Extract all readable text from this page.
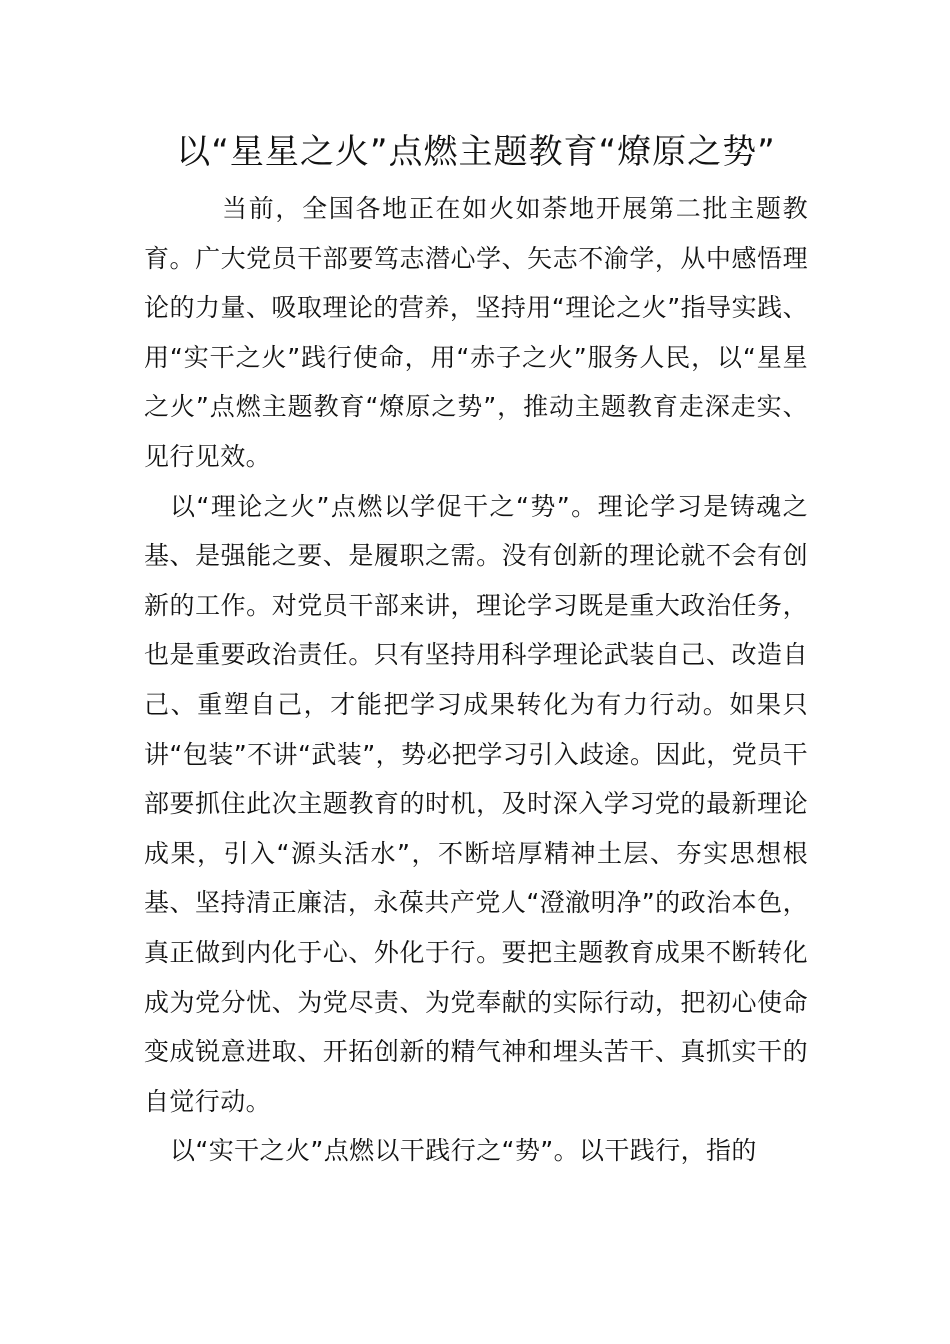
以“星星之火”点燃主题教育“燎原之势”

当前，全国各地正在如火如荼地开展第二批主题教育。广大党员干部要笃志潜心学、矢志不渝学，从中感悟理论的力量、吸取理论的营养，坚持用“理论之火”指导实践、用“实干之火”践行使命，用“赤子之火”服务人民，以“星星之火”点燃主题教育“燎原之势”，推动主题教育走深走实、见行见效。

以“理论之火”点燃以学促干之“势”。理论学习是铸魂之基、是强能之要、是履职之需。没有创新的理论就不会有创新的工作。对党员干部来讲，理论学习既是重大政治任务，也是重要政治责任。只有坚持用科学理论武装自己、改造自己、重塑自己，才能把学习成果转化为有力行动。如果只讲“包装”不讲“武装”，势必把学习引入歧途。因此，党员干部要抓住此次主题教育的时机，及时深入学习党的最新理论成果，引入“源头活水”，不断培厚精神土层、夯实思想根基、坚持清正廉洁，永葆共产党人“澄澈明净”的政治本色，真正做到内化于心、外化于行。要把主题教育成果不断转化成为党分忧、为党尽责、为党奉献的实际行动，把初心使命变成锐意进取、开拓创新的精气神和埋头苦干、真抓实干的自觉行动。

以“实干之火”点燃以干践行之“势”。以干践行，指的
